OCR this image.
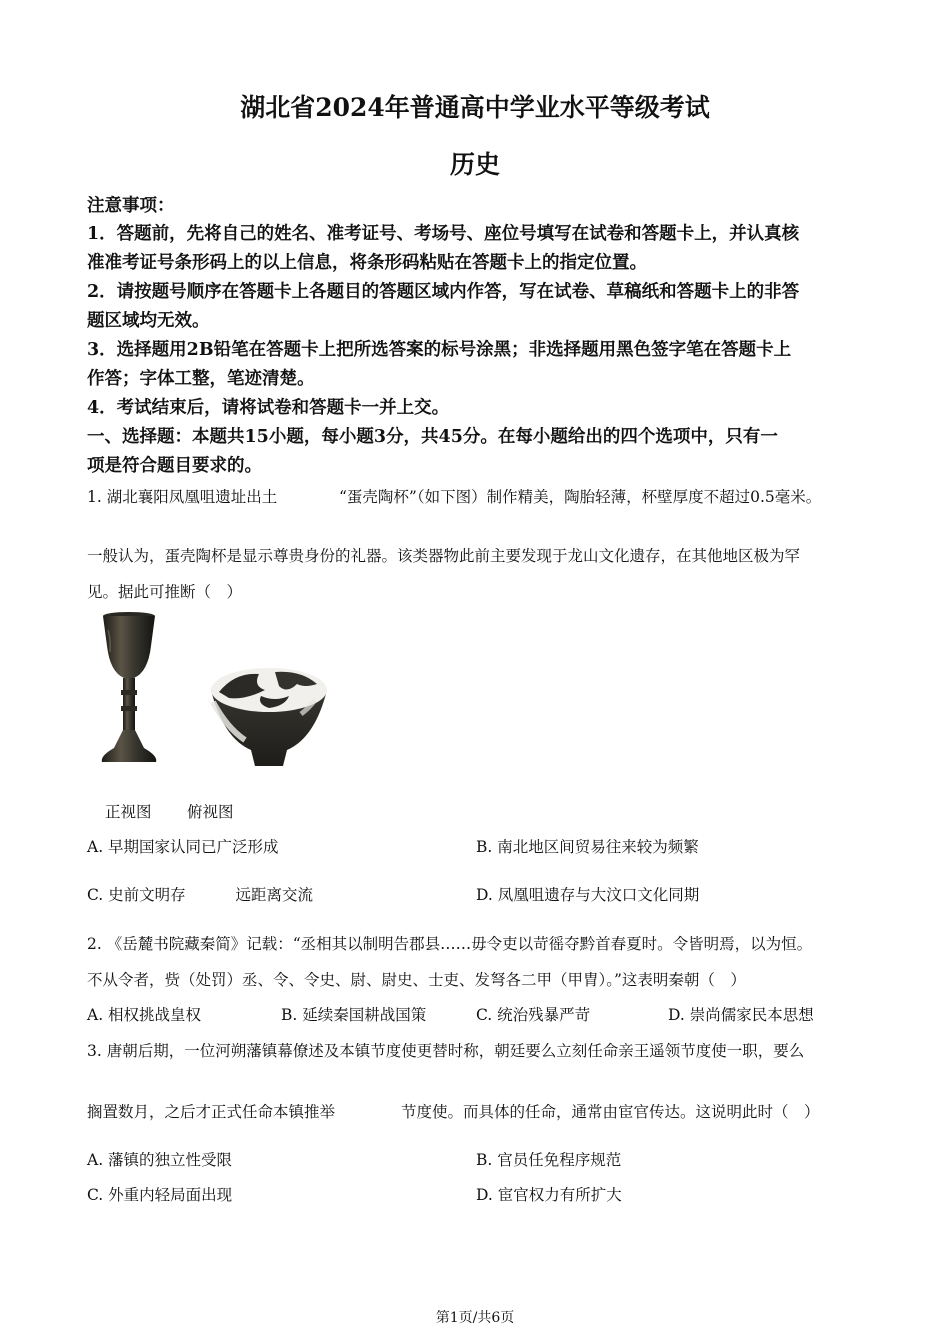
湖北省2024年普通高中学业水平等级考试
历史
注意事项：
1．答题前，先将自己的姓名、准考证号、考场号、座位号填写在试卷和答题卡上，并认真核
准准考证号条形码上的以上信息，将条形码粘贴在答题卡上的指定位置。
2．请按题号顺序在答题卡上各题目的答题区域内作答，写在试卷、草稿纸和答题卡上的非答
题区域均无效。
3．选择题用2B铅笔在答题卡上把所选答案的标号涂黑；非选择题用黑色签字笔在答题卡上
作答；字体工整，笔迹清楚。
4．考试结束后，请将试卷和答题卡一并上交。
一、选择题：本题共15小题，每小题3分，共45分。在每小题给出的四个选项中，只有一
项是符合题目要求的。
1. 湖北襄阳凤凰咀遗址出土	“蛋壳陶杯”（如下图）制作精美，陶胎轻薄，杯壁厚度不超过0.5毫米。
一般认为，蛋壳陶杯是显示尊贵身份的礼器。该类器物此前主要发现于龙山文化遗存，在其他地区极为罕
见。据此可推断（　）
正视图 俯视图
A. 早期国家认同已广泛形成	B. 南北地区间贸易往来较为频繁
C. 史前文明存	远距离交流	D. 凤凰咀遗存与大汶口文化同期
2. 《岳麓书院藏秦简》记载：“丞相其以制明告郡县……毋令吏以苛徭夺黔首春夏时。令皆明焉，以为恒。
不从令者，赀（处罚）丞、令、令史、尉、尉史、士吏、发弩各二甲（甲胄）。”这表明秦朝（　）
A. 相权挑战皇权	B. 延续秦国耕战国策	C. 统治残暴严苛	D. 崇尚儒家民本思想
3. 唐朝后期，一位河朔藩镇幕僚述及本镇节度使更替时称，朝廷要么立刻任命亲王遥领节度使一职，要么
搁置数月，之后才正式任命本镇推举	节度使。而具体的任命，通常由宦官传达。这说明此时（　）
A. 藩镇的独立性受限	B. 官员任免程序规范
C. 外重内轻局面出现	D. 宦官权力有所扩大
第1页/共6页
